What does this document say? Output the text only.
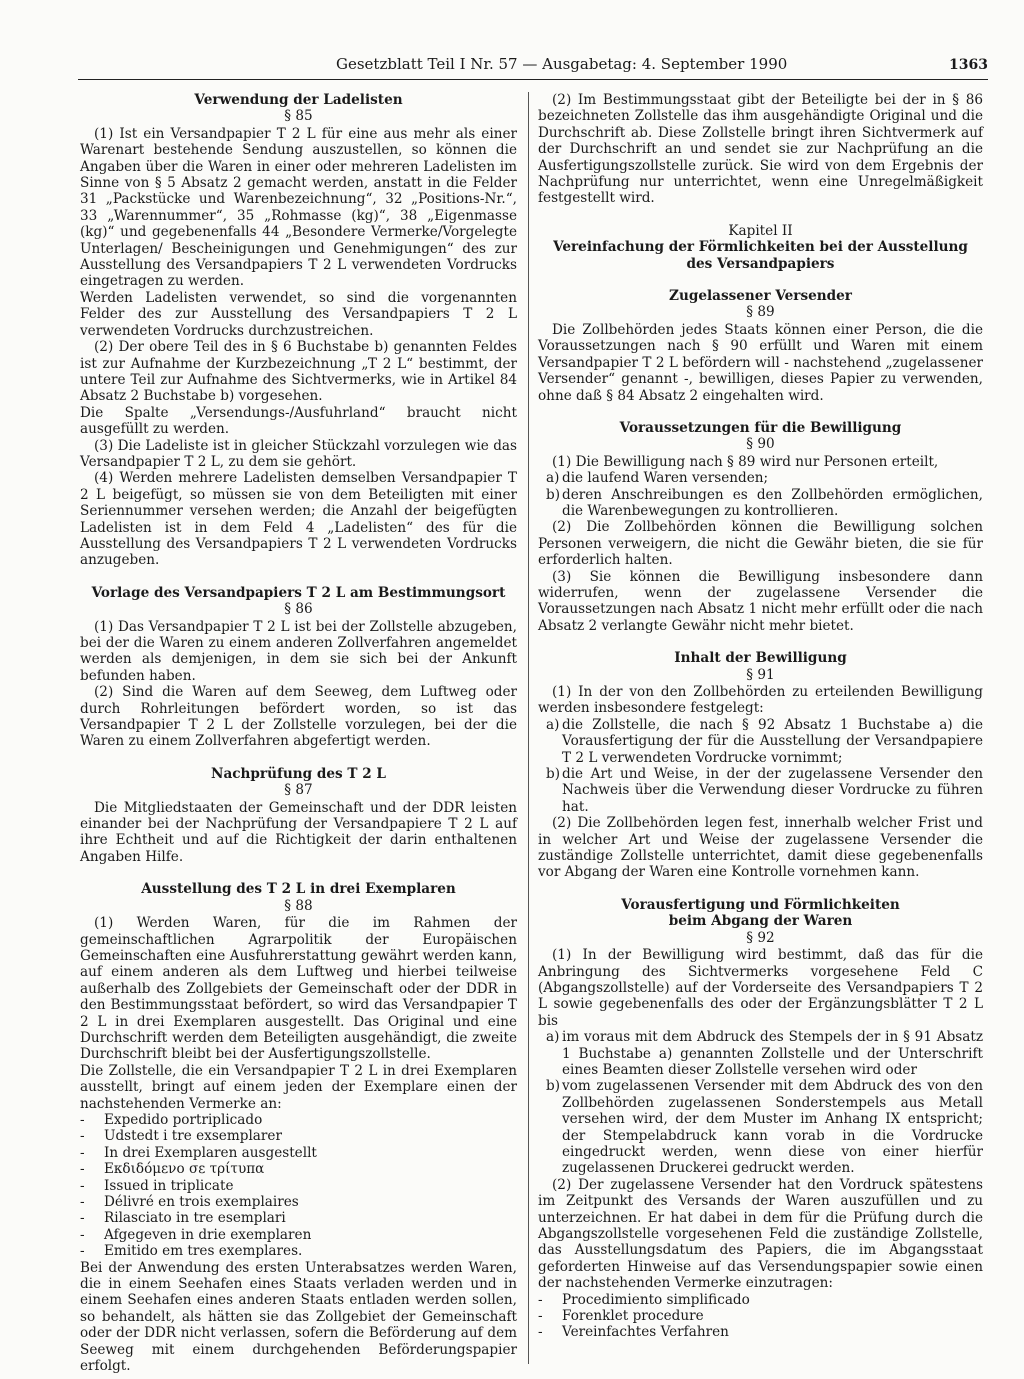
Gesetzblatt Teil I Nr. 57 — Ausgabetag: 4. September 1990	1363

Verwendung der Ladelisten

§ 85

(1) Ist ein Versandpapier T 2 L für eine aus mehr als einer Warenart bestehende Sendung auszustellen, so können die Angaben über die Waren in einer oder mehreren Ladelisten im Sinne von § 5 Absatz 2 gemacht werden, anstatt in die Felder 31 „Packstücke und Warenbezeichnung“, 32 „Positions-Nr.“, 33 „Warennummer“, 35 „Rohmasse (kg)“, 38 „Eigenmasse (kg)“ und gegebenenfalls 44 „Besondere Vermerke/Vorgelegte Unterlagen/ Bescheinigungen und Genehmigungen“ des zur Ausstellung des Versandpapiers T 2 L verwendeten Vordrucks eingetragen zu werden.

Werden Ladelisten verwendet, so sind die vorgenannten Felder des zur Ausstellung des Versandpapiers T 2 L verwendeten Vordrucks durchzustreichen.

(2) Der obere Teil des in § 6 Buchstabe b) genannten Feldes ist zur Aufnahme der Kurzbezeichnung „T 2 L“ bestimmt, der untere Teil zur Aufnahme des Sichtvermerks, wie in Artikel 84 Absatz 2 Buchstabe b) vorgesehen.

Die Spalte „Versendungs-/Ausfuhrland“ braucht nicht ausgefüllt zu werden.

(3) Die Ladeliste ist in gleicher Stückzahl vorzulegen wie das Versandpapier T 2 L, zu dem sie gehört.

(4) Werden mehrere Ladelisten demselben Versandpapier T 2 L beigefügt, so müssen sie von dem Beteiligten mit einer Seriennummer versehen werden; die Anzahl der beigefügten Ladelisten ist in dem Feld 4 „Ladelisten“ des für die Ausstellung des Versandpapiers T 2 L verwendeten Vordrucks anzugeben.

Vorlage des Versandpapiers T 2 L am Bestimmungsort

§ 86

(1) Das Versandpapier T 2 L ist bei der Zollstelle abzugeben, bei der die Waren zu einem anderen Zollverfahren angemeldet werden als demjenigen, in dem sie sich bei der Ankunft befunden haben.

(2) Sind die Waren auf dem Seeweg, dem Luftweg oder durch Rohrleitungen befördert worden, so ist das Versandpapier T 2 L der Zollstelle vorzulegen, bei der die Waren zu einem Zollverfahren abgefertigt werden.

Nachprüfung des T 2 L

§ 87

Die Mitgliedstaaten der Gemeinschaft und der DDR leisten einander bei der Nachprüfung der Versandpapiere T 2 L auf ihre Echtheit und auf die Richtigkeit der darin enthaltenen Angaben Hilfe.

Ausstellung des T 2 L in drei Exemplaren

§ 88

(1) Werden Waren, für die im Rahmen der gemeinschaftlichen Agrarpolitik der Europäischen Gemeinschaften eine Ausfuhrerstattung gewährt werden kann, auf einem anderen als dem Luftweg und hierbei teilweise außerhalb des Zollgebiets der Gemeinschaft oder der DDR in den Bestimmungsstaat befördert, so wird das Versandpapier T 2 L in drei Exemplaren ausgestellt. Das Original und eine Durchschrift werden dem Beteiligten ausgehändigt, die zweite Durchschrift bleibt bei der Ausfertigungszollstelle.

Die Zollstelle, die ein Versandpapier T 2 L in drei Exemplaren ausstellt, bringt auf einem jeden der Exemplare einen der nachstehenden Vermerke an:

-	Expedido portriplicado
-	Udstedt i tre exsemplarer
-	In drei Exemplaren ausgestellt
-	Εκδιδόμενο σε τρίτυπα
-	Issued in triplicate
-	Délivré en trois exemplaires
-	Rilasciato in tre esemplari
-	Afgegeven in drie exemplaren
-	Emitido em tres exemplares.

Bei der Anwendung des ersten Unterabsatzes werden Waren, die in einem Seehafen eines Staats verladen werden und in einem Seehafen eines anderen Staats entladen werden sollen, so behandelt, als hätten sie das Zollgebiet der Gemeinschaft oder der DDR nicht verlassen, sofern die Beförderung auf dem Seeweg mit einem durchgehenden Beförderungspapier erfolgt.

(2) Im Bestimmungsstaat gibt der Beteiligte bei der in § 86 bezeichneten Zollstelle das ihm ausgehändigte Original und die Durchschrift ab. Diese Zollstelle bringt ihren Sichtvermerk auf der Durchschrift an und sendet sie zur Nachprüfung an die Ausfertigungszollstelle zurück. Sie wird von dem Ergebnis der Nachprüfung nur unterrichtet, wenn eine Unregelmäßigkeit festgestellt wird.

Kapitel II

Vereinfachung der Förmlichkeiten bei der Ausstellung

des Versandpapiers

Zugelassener Versender

§ 89

Die Zollbehörden jedes Staats können einer Person, die die Voraussetzungen nach § 90 erfüllt und Waren mit einem Versandpapier T 2 L befördern will - nachstehend „zugelassener Versender“ genannt -, bewilligen, dieses Papier zu verwenden, ohne daß § 84 Absatz 2 eingehalten wird.

Voraussetzungen für die Bewilligung

§ 90

(1) Die Bewilligung nach § 89 wird nur Personen erteilt,

a) die laufend Waren versenden;
b) deren Anschreibungen es den Zollbehörden ermöglichen, die Warenbewegungen zu kontrollieren.

(2) Die Zollbehörden können die Bewilligung solchen Personen verweigern, die nicht die Gewähr bieten, die sie für erforderlich halten.

(3) Sie können die Bewilligung insbesondere dann widerrufen, wenn der zugelassene Versender die Voraussetzungen nach Absatz 1 nicht mehr erfüllt oder die nach Absatz 2 verlangte Gewähr nicht mehr bietet.

Inhalt der Bewilligung

§ 91

(1) In der von den Zollbehörden zu erteilenden Bewilligung werden insbesondere festgelegt:

a) die Zollstelle, die nach § 92 Absatz 1 Buchstabe a) die Vorausfertigung der für die Ausstellung der Versandpapiere T 2 L verwendeten Vordrucke vornimmt;
b) die Art und Weise, in der der zugelassene Versender den Nachweis über die Verwendung dieser Vordrucke zu führen hat.

(2) Die Zollbehörden legen fest, innerhalb welcher Frist und in welcher Art und Weise der zugelassene Versender die zuständige Zollstelle unterrichtet, damit diese gegebenenfalls vor Abgang der Waren eine Kontrolle vornehmen kann.

Vorausfertigung und Förmlichkeiten

beim Abgang der Waren

§ 92

(1) In der Bewilligung wird bestimmt, daß das für die Anbringung des Sichtvermerks vorgesehene Feld C (Abgangszollstelle) auf der Vorderseite des Versandpapiers T 2 L sowie gegebenenfalls des oder der Ergänzungsblätter T 2 L bis

a) im voraus mit dem Abdruck des Stempels der in § 91 Absatz 1 Buchstabe a) genannten Zollstelle und der Unterschrift eines Beamten dieser Zollstelle versehen wird oder
b) vom zugelassenen Versender mit dem Abdruck des von den Zollbehörden zugelassenen Sonderstempels aus Metall versehen wird, der dem Muster im Anhang IX entspricht; der Stempelabdruck kann vorab in die Vordrucke eingedruckt werden, wenn diese von einer hierfür zugelassenen Druckerei gedruckt werden.

(2) Der zugelassene Versender hat den Vordruck spätestens im Zeitpunkt des Versands der Waren auszufüllen und zu unterzeichnen. Er hat dabei in dem für die Prüfung durch die Abgangszollstelle vorgesehenen Feld die zuständige Zollstelle, das Ausstellungsdatum des Papiers, die im Abgangsstaat geforderten Hinweise auf das Versendungspapier sowie einen der nachstehenden Vermerke einzutragen:

-	Procedimiento simplificado
-	Forenklet procedure
-	Vereinfachtes Verfahren
